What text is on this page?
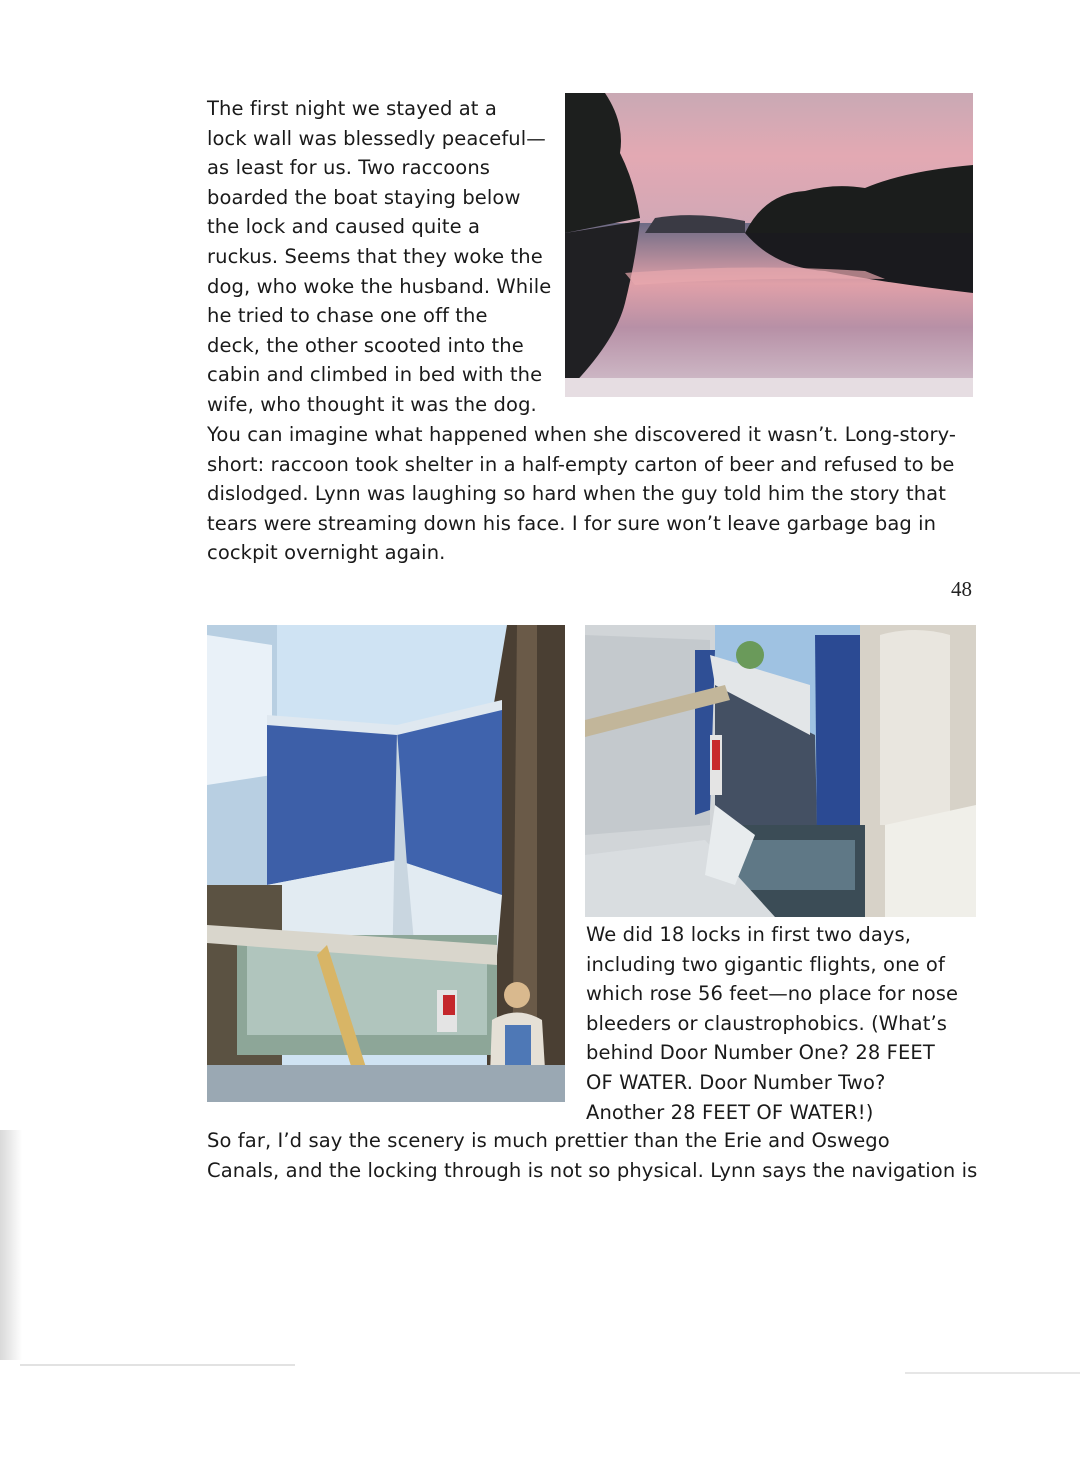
The first night we stayed at a
lock wall was blessedly peaceful—
as least for us. Two raccoons
boarded the boat staying below
the lock and caused quite a
ruckus. Seems that they woke the
dog, who woke the husband. While
he tried to chase one off the
deck, the other scooted into the
cabin and climbed in bed with the
wife, who thought it was the dog.
You can imagine what happened when she discovered it wasn’t. Long-story-
short: raccoon took shelter in a half-empty carton of beer and refused to be
dislodged. Lynn was laughing so hard when the guy told him the story that
tears were streaming down his face. I for sure won’t leave garbage bag in
cockpit overnight again.
We did 18 locks in first two days,
including two gigantic flights, one of
which rose 56 feet—no place for nose
bleeders or claustrophobics. (What’s
behind Door Number One? 28 FEET
OF WATER. Door Number Two?
Another 28 FEET OF WATER!)
So far, I’d say the scenery is much prettier than the Erie and Oswego
Canals, and the locking through is not so physical. Lynn says the navigation is
48
